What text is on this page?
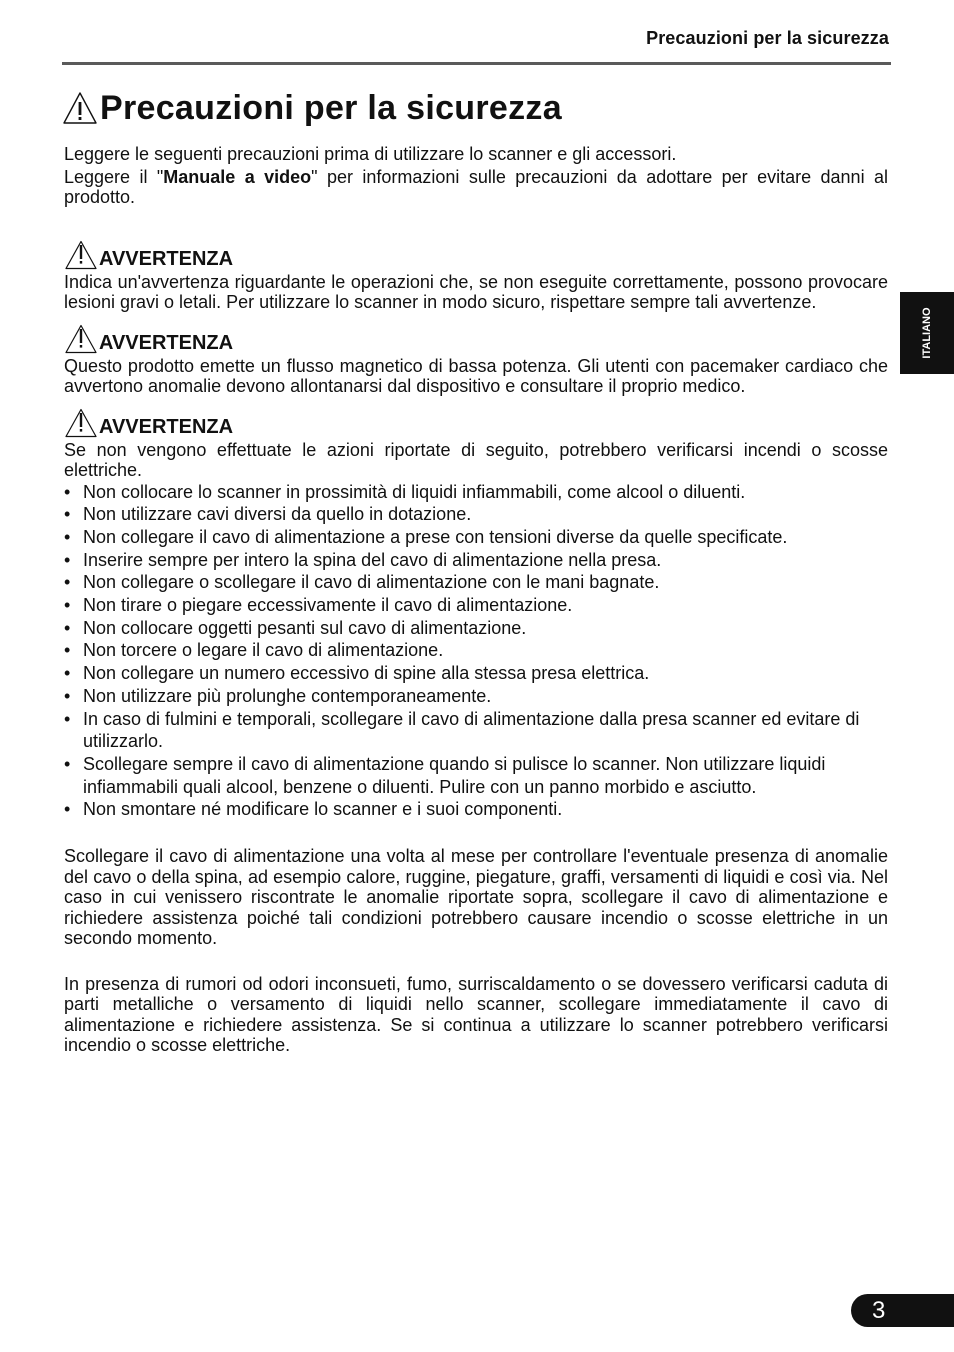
Precauzioni per la sicurezza
ITALIANO
Precauzioni per la sicurezza

Leggere le seguenti precauzioni prima di utilizzare lo scanner e gli accessori.

Leggere il "Manuale a video" per informazioni sulle precauzioni da adottare per evitare danni al prodotto.

AVVERTENZA

Indica un'avvertenza riguardante le operazioni che, se non eseguite correttamente, possono provocare lesioni gravi o letali. Per utilizzare lo scanner in modo sicuro, rispettare sempre tali avvertenze.

AVVERTENZA

Questo prodotto emette un flusso magnetico di bassa potenza. Gli utenti con pacemaker cardiaco che avvertono anomalie devono allontanarsi dal dispositivo e consultare il proprio medico.

AVVERTENZA

Se non vengono effettuate le azioni riportate di seguito, potrebbero verificarsi incendi o scosse elettriche.

• Non collocare lo scanner in prossimità di liquidi infiammabili, come alcool o diluenti.
• Non utilizzare cavi diversi da quello in dotazione.
• Non collegare il cavo di alimentazione a prese con tensioni diverse da quelle specificate.
• Inserire sempre per intero la spina del cavo di alimentazione nella presa.
• Non collegare o scollegare il cavo di alimentazione con le mani bagnate.
• Non tirare o piegare eccessivamente il cavo di alimentazione.
• Non collocare oggetti pesanti sul cavo di alimentazione.
• Non torcere o legare il cavo di alimentazione.
• Non collegare un numero eccessivo di spine alla stessa presa elettrica.
• Non utilizzare più prolunghe contemporaneamente.
• In caso di fulmini e temporali, scollegare il cavo di alimentazione dalla presa scanner ed evitare di utilizzarlo.
• Scollegare sempre il cavo di alimentazione quando si pulisce lo scanner. Non utilizzare liquidi infiammabili quali alcool, benzene o diluenti. Pulire con un panno morbido e asciutto.
• Non smontare né modificare lo scanner e i suoi componenti.

Scollegare il cavo di alimentazione una volta al mese per controllare l'eventuale presenza di anomalie del cavo o della spina, ad esempio calore, ruggine, piegature, graffi, versamenti di liquidi e così via. Nel caso in cui venissero riscontrate le anomalie riportate sopra, scollegare il cavo di alimentazione e richiedere assistenza poiché tali condizioni potrebbero causare incendio o scosse elettriche in un secondo momento.

In presenza di rumori od odori inconsueti, fumo, surriscaldamento o se dovessero verificarsi caduta di parti metalliche o versamento di liquidi nello scanner, scollegare immediatamente il cavo di alimentazione e richiedere assistenza. Se si continua a utilizzare lo scanner potrebbero verificarsi incendio o scosse elettriche.

3
